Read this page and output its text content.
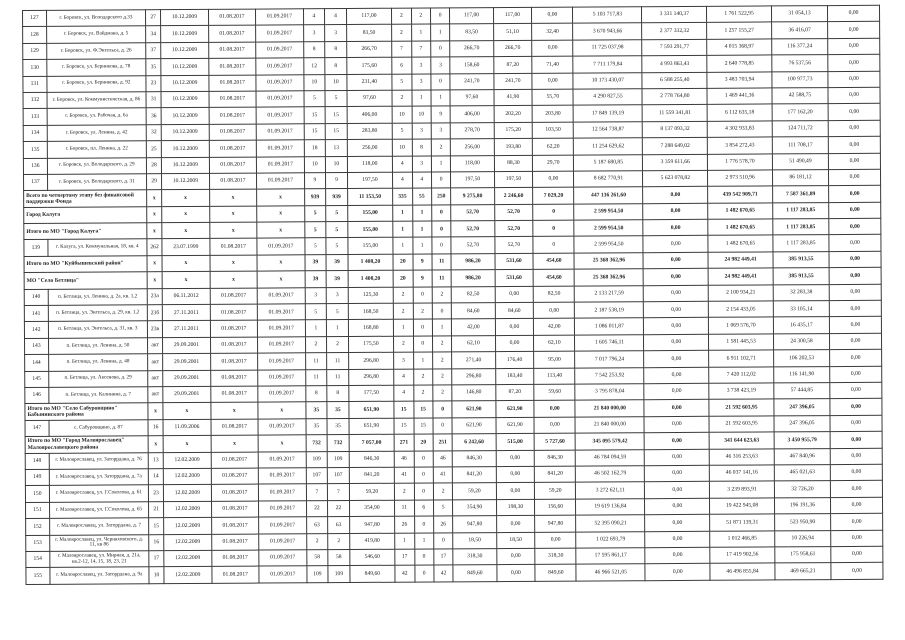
127	г. Боровск, ул. Володарского д.33	27	10.12.2009	01.08.2017	01.09.2017	4	4	117,00	2	2	0	117,00	117,00	0,00	5 103 717,83	3 331 140,37	1 761 522,95	31 054,13	0,00
128	г. Боровск, ул. Вайдмана, д. 5	34	10.12.2009	01.08.2017	01.09.2017	3	3	83,50	2	1	1	83,50	51,10	32,40	3 670 943,66	2 377 332,32	1 257 155,27	36 416,07	0,00
129	г. Боровск, ул. Ф.Энгельса, д. 26	37	10.12.2009	01.08.2017	01.09.2017	8	8	266,70	7	7	0	266,70	266,70	0,00	11 725 037,98	7 593 291,77	4 015 368,97	116 377,24	0,00
130	г. Боровск, ул. Берникова, д. 78	35	10.12.2009	01.08.2017	01.09.2017	12	8	175,60	6	3	3	158,60	87,20	71,40	7 711 179,84	4 993 863,43	2 640 778,85	76 537,56	0,00
131	г. Боровск, ул. Берникова, д. 92	23	10.12.2009	01.08.2017	01.09.2017	10	10	231,40	5	3	0	241,70	241,70	0,00	10 173 430,07	6 588 255,40	3 483 703,94	100 977,73	0,00
132	г. Боровск, ул. Коммунистическая, д. 86	31	10.12.2009	01.08.2017	01.09.2017	5	5	97,60	2	1	1	97,60	41,90	55,70	4 290 827,55	2 778 764,80	1 469 441,36	42 588,75	0,00
133	г. Боровск, ул. Рабочая, д. 6а	36	10.12.2009	01.08.2017	01.09.2017	15	15	406,00	10	10	9	406,00	202,20	203,80	17 849 139,19	11 559 341,81	6 112 635,18	177 162,20	0,00
134	г. Боровск, ул. Ленина, д. 42	32	10.12.2009	01.08.2017	01.09.2017	15	15	283,80	5	3	3	278,70	175,20	103,50	12 564 738,87	8 137 093,32	4 302 933,83	124 711,72	0,00
135	г. Боровск, пл. Ленина, д. 22	25	10.12.2009	01.08.2017	01.09.2017	18	13	256,00	10	8	2	256,00	193,80	62,20	11 254 629,62	7 288 649,02	3 854 272,43	111 708,17	0,00
136	г. Боровск, ул. Володарского, д. 29	28	10.12.2009	01.08.2017	01.09.2017	10	10	118,00	4	3	1	118,00	88,30	29,70	5 187 680,85	3 359 611,66	1 776 578,70	51 490,49	0,00
137	г. Боровск, ул. Володарского, д. 31	29	10.12.2009	01.08.2017	01.09.2017	9	9	197,50	4	4	0	197,50	197,50	0,00	8 682 770,91	5 623 078,82	2 973 510,96	86 181,12	0,00
Всего по четвертому этапу без финансовой поддержки Фонда		x	x	x	x	939	939	11 153,50	335	55	250	9 275,80	2 246,60	7 029,20	447 136 261,60	0,00	439 542 909,71	7 587 361,89	0,00
Город Калуга		x	x	x	x	5	5	155,00	1	1	0	52,70	52,70	0	2 599 954,50	0,00	1 482 670,65	1 117 283,85	0,00
Итого по МО "Город Калуга"		x	x	x	x	5	5	155,00	1	1	0	52,70	52,70	0	2 599 954,50	0,00	1 482 670,65	1 117 283,85	0,00
139	г. Калуга, ул. Коммунальная, 18, кв. 4	262	23.07.1999	01.08.2017	01.09.2017	5	5	155,00	1	1	0	52,70	52,70	0	2 599 954,50	0,00	1 482 670,65	1 117 283,85	0,00
Итого по МО "Куйбышевский район"		x	x	x	x	39	39	1 408,20	20	9	11	986,20	531,60	454,60	25 368 362,96	0,00	24 982 449,41	385 913,55	0,00
МО "Село Бетлица"		x	x	x	x	39	39	1 408,20	20	9	11	986,20	531,60	454,60	25 368 362,96	0,00	24 982 449,41	385 913,55	0,00
140	п. Бетлица, ул. Ленина, д. 2а, кв. 1,2	23а	06.11.2012	01.08.2017	01.09.2017	3	3	125,30	2	0	2	82,50	0,00	82,50	2 133 217,59	0,00	2 100 934,21	32 283,38	0,00
141	п. Бетлица, ул. Энгельса, д. 29, кв. 1,2	23б	27.11.2011	01.08.2017	01.09.2017	5	5	168,50	2	2	0	84,60	84,60	0,00	2 187 538,19	0,00	2 154 433,05	33 105,14	0,00
142	п. Бетлица, ул. Энгельса, д. 31, кв. 3	23в	27.11.2011	01.08.2017	01.09.2017	1	1	168,80	1	0	1	42,00	0,00	42,00	1 086 011,87	0,00	1 069 576,70	16 435,17	0,00
143	п. Бетлица, ул. Ленина, д. 50	акт	29.09.2001	01.08.2017	01.09.2017	2	2	175,50	2	0	2	62,10	0,00	62,10	1 605 746,11	0,00	1 581 445,53	24 300,58	0,00
144	п. Бетлица, ул. Ленина, д. 48	акт	29.09.2001	01.08.2017	01.09.2017	11	11	296,80	3	1	2	271,40	176,40	95,00	7 017 796,24	0,00	6 911 102,71	106 202,53	0,00
145	п. Бетлица, ул. Аксенова, д. 29	акт	29.09.2001	01.08.2017	01.09.2017	11	11	296,80	4	2	2	296,80	183,40	113,40	7 542 253,92	0,00	7 420 112,02	116 141,90	0,00
146	п. Бетлица, ул. Калинина, д. 7	акт	29.09.2001	01.08.2017	01.09.2017	8	8	177,50	4	2	2	146,80	87,20	59,60	3 795 878,04	0,00	3 738 423,19	57 444,85	0,00
Итого по МО "Село Сабуровщино" Бабынинского района		x	x	x	x	35	35	651,90	15	15	0	621,90	621,90	0,00	21 840 000,00	0,00	21 592 603,95	247 396,05	0,00
147	с. Сабуровщино, д. 87	16	11.09.2006	01.08.2017	01.09.2017	35	35	651,90	15	15	0	621,90	621,90	0,00	21 840 000,00	0,00	21 592 603,95	247 396,05	0,00
Итого по МО "Город Малоярославец" Малоярославецкого района		x	x	x	x	732	732	7 057,00	271	20	251	6 242,60	515,00	5 727,60	345 095 579,42	0,00	341 644 623,63	3 450 955,79	0,00
148	г. Малоярославец, ул. Заторрдана, д. 76	13	12.02.2009	01.08.2017	01.09.2017	109	109	846,30	46	0	46	846,30	0,00	846,30	46 784 094,59	0,00	46 316 253,63	467 840,96	0,00
149	г. Малоярославец, ул. Заторрдана, д. 7а	14	12.02.2009	01.08.2017	01.09.2017	107	107	841,20	41	0	41	841,20	0,00	841,20	46 502 162,79	0,00	46 037 141,16	465 021,63	0,00
150	г. Малоярославец, ул. Г.Соколова, д. 61	23	12.02.2009	01.08.2017	01.09.2017	7	7	59,20	2	0	2	59,20	0,00	59,20	3 272 621,11	0,00	3 239 893,91	32 726,20	0,00
151	г. Малоярославец, ул. Г.Соколова, д. 65	21	12.02.2009	01.08.2017	01.09.2017	22	22	354,90	11	6	5	354,90	198,30	156,60	19 619 136,84	0,00	19 422 945,08	196 191,36	0,00
152	г. Малоярославец, ул. Заторрдана, д. 7	15	12.02.2009	01.08.2017	01.09.2017	63	63	947,80	26	0	26	947,80	0,00	947,80	52 395 090,21	0,00	51 871 139,31	523 950,90	0,00
153	г. Малоярославец, ул. Черняховского, д. 11, кв 86	16	12.02.2009	01.08.2017	01.09.2017	2	2	419,80	1	1	0	18,50	18,50	0,00	1 022 693,79	0,00	1 012 466,85	10 226,94	0,00
154	г. Малоярославец, ул. Мирная, д. 21а, кв.2-12, 14, 15, 18, 23, 21	17	12.02.2009	01.08.2017	01.09.2017	58	58	546,60	17	0	17	318,30	0,00	318,30	17 595 861,17	0,00	17 419 902,56	175 958,61	0,00
155	г. Малоярославец, ул. Заторрдана, д. 9а	10	12.02.2009	01.08.2017	01.09.2017	109	109	849,60	42	0	42	849,60	0,00	849,60	46 966 521,05	0,00	46 496 855,84	469 665,21	0,00
